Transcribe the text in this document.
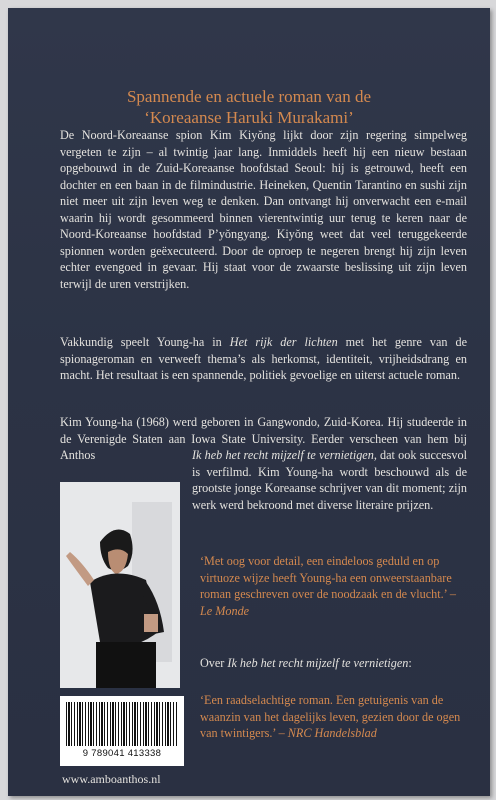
Spannende en actuele roman van de
‘Koreaanse Haruki Murakami’
De Noord-Koreaanse spion Kim Kiyŏng lijkt door zijn regering simpelweg vergeten te zijn – al twintig jaar lang. Inmiddels heeft hij een nieuw bestaan opgebouwd in de Zuid-Koreaanse hoofdstad Seoul: hij is getrouwd, heeft een dochter en een baan in de filmindustrie. Heineken, Quentin Tarantino en sushi zijn niet meer uit zijn leven weg te denken. Dan ontvangt hij onverwacht een e-mail waarin hij wordt gesommeerd binnen vierentwintig uur terug te keren naar de Noord-Koreaanse hoofdstad P’yŏngyang. Kiyŏng weet dat veel teruggekeerde spionnen worden geëxecuteerd. Door de oproep te negeren brengt hij zijn leven echter evengoed in gevaar. Hij staat voor de zwaarste beslissing uit zijn leven terwijl de uren verstrijken.
Vakkundig speelt Young-ha in Het rijk der lichten met het genre van de spionageroman en verweeft thema’s als herkomst, identiteit, vrijheidsdrang en macht. Het resultaat is een spannende, politiek gevoelige en uiterst actuele roman.
Kim Young-ha (1968) werd geboren in Gangwondo, Zuid-Korea. Hij studeerde in de Verenigde Staten aan Iowa State University. Eerder verscheen van hem bij Anthos	Ik heb het recht mijzelf te vernietigen, dat ook succesvol is verfilmd. Kim Young-ha wordt beschouwd als de grootste jonge Koreaanse schrijver van dit moment; zijn werk werd bekroond met diverse literaire prijzen.
‘Met oog voor detail, een eindeloos geduld en op virtuoze wijze heeft Young-ha een onweerstaanbare roman geschreven over de noodzaak en de vlucht.’ – Le Monde
Over Ik heb het recht mijzelf te vernietigen:
‘Een raadselachtige roman. Een getuigenis van de waanzin van het dagelijks leven, gezien door de ogen van twintigers.’ – NRC Handelsblad
9 789041 413338
www.amboanthos.nl
